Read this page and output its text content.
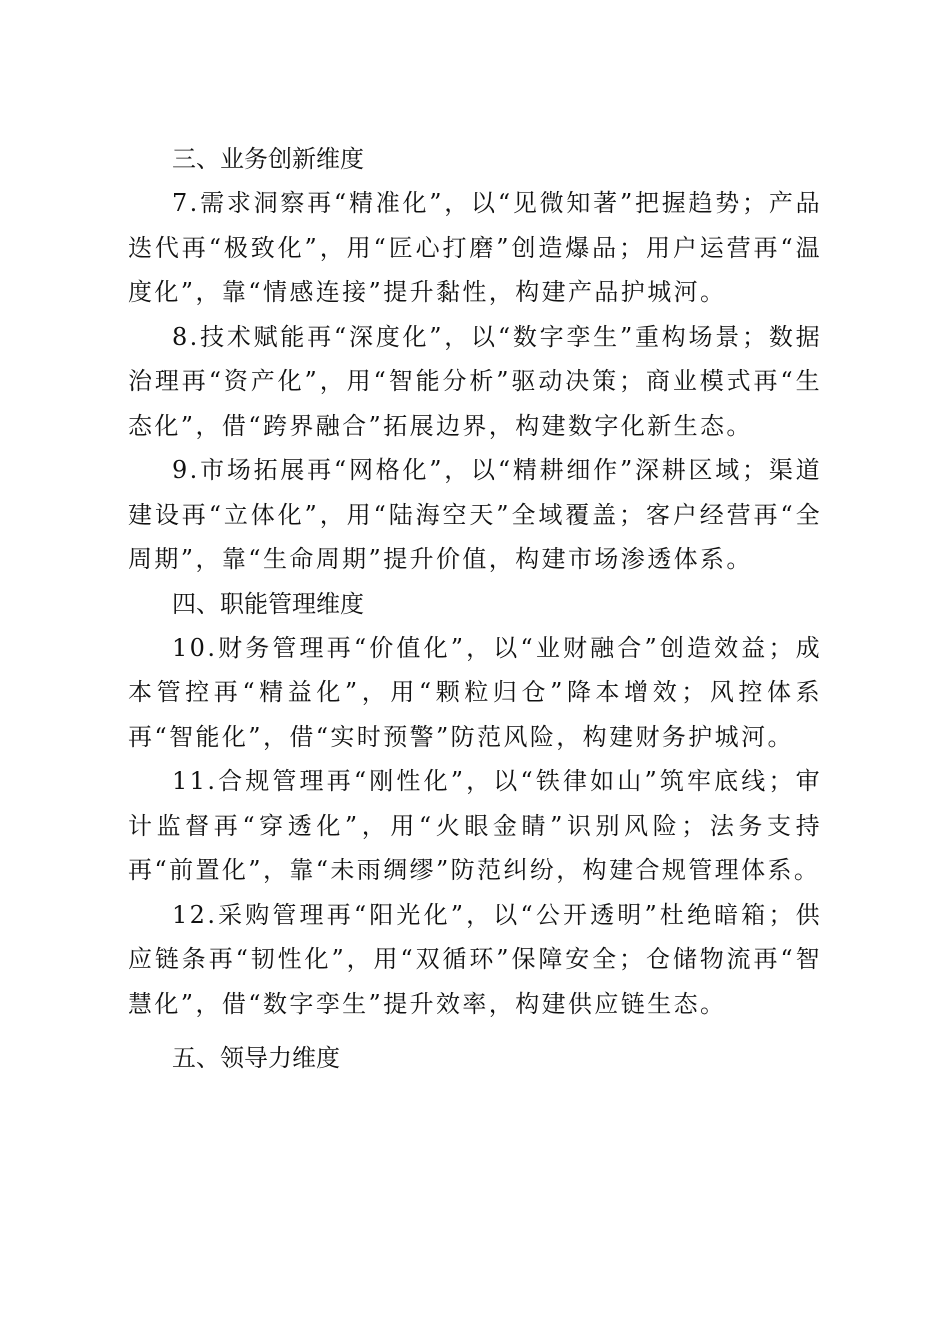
三、业务创新维度

7.需求洞察再“精准化”，以“见微知著”把握趋势；产品迭代再“极致化”，用“匠心打磨”创造爆品；用户运营再“温度化”，靠“情感连接”提升黏性，构建产品护城河。

8.技术赋能再“深度化”，以“数字孪生”重构场景；数据治理再“资产化”，用“智能分析”驱动决策；商业模式再“生态化”，借“跨界融合”拓展边界，构建数字化新生态。

9.市场拓展再“网格化”，以“精耕细作”深耕区域；渠道建设再“立体化”，用“陆海空天”全域覆盖；客户经营再“全周期”，靠“生命周期”提升价值，构建市场渗透体系。

四、职能管理维度

10.财务管理再“价值化”，以“业财融合”创造效益；成本管控再“精益化”，用“颗粒归仓”降本增效；风控体系再“智能化”，借“实时预警”防范风险，构建财务护城河。

11.合规管理再“刚性化”，以“铁律如山”筑牢底线；审计监督再“穿透化”，用“火眼金睛”识别风险；法务支持再“前置化”，靠“未雨绸缪”防范纠纷，构建合规管理体系。

12.采购管理再“阳光化”，以“公开透明”杜绝暗箱；供应链条再“韧性化”，用“双循环”保障安全；仓储物流再“智慧化”，借“数字孪生”提升效率，构建供应链生态。

五、领导力维度
